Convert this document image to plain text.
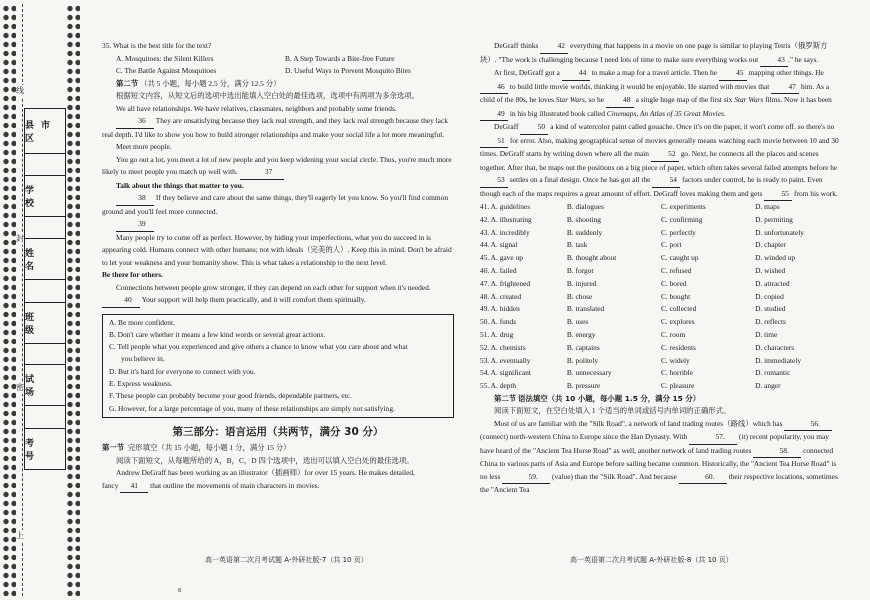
线
封
密
上
县市区
学 校
姓 名
班 级
试 场
考 号

35. What is the best title for the text?

A. Mosquitoes: the Silent Killers	B. A Step Towards a Bite-free Future
C. The Battle Against Mosquitoes	D. Useful Ways to Prevent Mosquito Bites

第二节 （共 5 小题，每小题 2.5 分，满分 12.5 分）

根据短文内容，从短文后的选项中选出能填入空白处的最佳选项，选项中有两项为多余选项。

We all have relationships. We have relatives, classmates, neighbors and probably some friends.

36 They are unsatisfying because they lack real strength, and they lack real strength because they lack real depth. I'd like to show you how to build stronger relationships and make your social life a lot more meaningful.

Meet more people.

You go out a lot, you meet a lot of new people and you keep widening your social circle. Thus, you're much more likely to meet people you match up well with.	37

Talk about the things that matter to you.

38 If they believe and care about the same things, they'll eagerly let you know. So you'll find common ground and you'll feel more connected.

39

Many people try to come off as perfect. However, by hiding your imperfections, what you do succeed in is appearing cold. Humans connect with other humans; not with ideals（完美的人）. Keep this in mind. Don't be afraid to let your weakness and your humanity show. This is what takes a relationship to the next level.

Be there for others.

Connections between people grow stronger, if they can depend on each other for support when it's needed. 40 Your support will help them practically, and it will comfort them spiritually.

A. Be more confident.
B. Don't care whether it means a few kind words or several great actions.
C. Tell people what you experienced and give others a chance to know what you care about and what
you believe in.
D. But it's hard for everyone to connect with you.
E. Express weakness.
F. These people can probably become your good friends, dependable partners, etc.
G. However, for a large percentage of you, many of these relationships are simply not satisfying.
第三部分：语言运用（共两节，满分 30 分）

第一节 完形填空（共 15 小题，每小题 1 分，满分 15 分）

阅读下面短文，从每题所给的 A，B，C，D 四个选项中，选出可以填入空白处的最佳选项。

Andrew DeGraff has been working as an illustrator（插画师）for over 15 years. He makes detailed,

fancy 41 that outline the movements of main characters in movies.

DeGraff thinks	42 everything that happens in a movie on one page is similar to playing Tetris（俄罗斯方块）. "The work is challenging because I need lots of time to make sure everything works out	43 ." he says.

At first, DeGraff got a	44 to make a map for a travel article. Then he	45 mapping other things. He 46 to build little movie worlds, thinking it would be enjoyable. He started with movies that	47 him. As a child of the 80s, he loves Star Wars, so he	48 a single huge map of the first six Star Wars films. Now it has been 49 in his big illustrated book called Cinemaps, An Atlas of 35 Great Movies.

DeGraff	50 a kind of watercolor paint called gouache. Once it's on the paper, it won't come off. so there's no 51 for error. Also, making geographical sense of movies generally means watching each movie between 10 and 30 times. DeGraff starts by writing down where all the main	52 go. Next, he connects all the places and scenes together. After that, he maps out the positions on a big piece of paper, which often takes several failed attempts before he 53 settles on a final design. Once he has got all the	54 factors under control, he is ready to paint. Even though each of the maps requires a great amount of effort. DeGraff loves making them and gets	55 from his work.

41. A. guidelines	B. dialogues	C. experiments	D. maps
42. A. illustrating	B. shooting	C. confirming	D. permiting
43. A. incredibly	B. suddenly	C. perfectly	D. unfortunately
44. A. signal	B. task	C. port	D. chapter
45. A. gave up	B. thought about	C. caught up	D. winded up
46. A. failed	B. forgot	C. refused	D. wished
47. A. frightened	B. injured	C. bored	D. attracted
48. A. created	B. chose	C. bought	D. copied
49. A. hidden	B. translated	C. collected	D. studied
50. A. funds	B. uses	C. explores	D. reflects
51. A. drug	B. energy	C. room	D. time
52. A. chemists	B. captains	C. residents	D. characters
53. A. eventually	B. politely	C. widely	D. immediately
54. A. significant	B. unnecessary	C. horrible	D. romantic
55. A. depth	B. pressure	C. pleasure	D. anger

第二节 语法填空（共 10 小题，每小题 1.5 分，满分 15 分）

阅读下面短文，在空白处填入 1 个适当的单词或括号内单词的正确形式。

Most of us are familiar with the "Silk Road", a network of land trading routes（路线）which has	56. (connect) north-western China to Europe since the Han Dynasty. With	57. (it) recent popularity, you may have heard of the "Ancient Tea Horse Road" as well, another network of land trading routes	58. connected China to various parts of Asia and Europe before sailing became common. Historically, the "Ancient Tea Horse Road" is no less	59. (value) than the "Silk Road". And because	60. their respective locations, sometimes the "Ancient Tea

高一英语第二次月考试题 A-外研社版-7（共 10 页）	高一英语第二次月考试题 A-外研社版-8（共 10 页）
8
